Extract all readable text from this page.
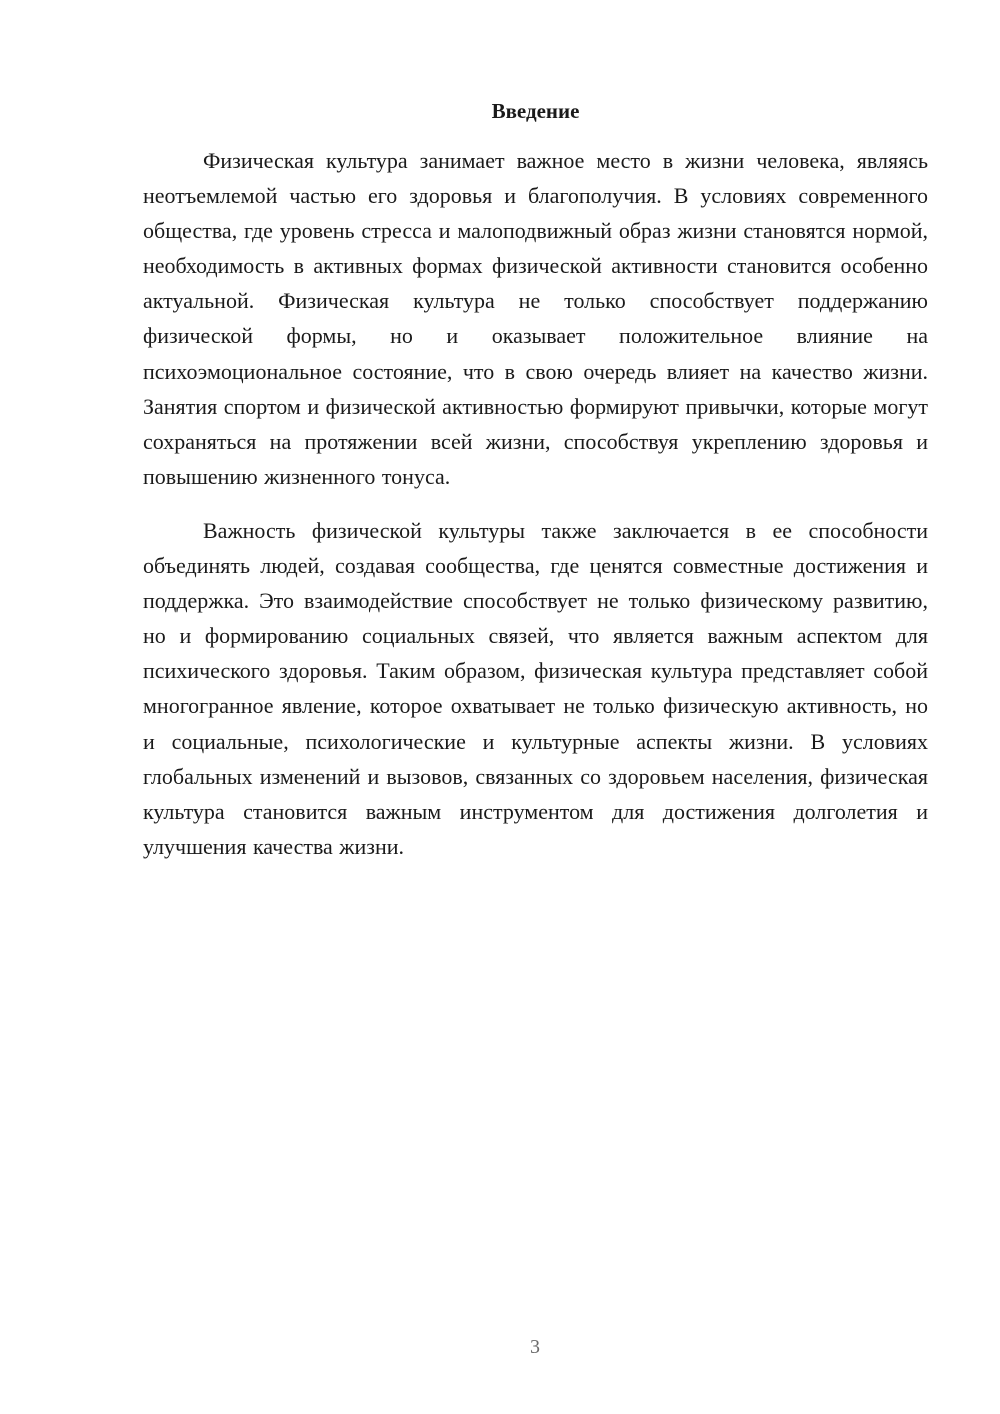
Введение

Физическая культура занимает важное место в жизни человека, являясь неотъемлемой частью его здоровья и благополучия. В условиях современного общества, где уровень стресса и малоподвижный образ жизни становятся нормой, необходимость в активных формах физической активности становится особенно актуальной. Физическая культура не только способствует поддержанию физической формы, но и оказывает положительное влияние на психоэмоциональное состояние, что в свою очередь влияет на качество жизни. Занятия спортом и физической активностью формируют привычки, которые могут сохраняться на протяжении всей жизни, способствуя укреплению здоровья и повышению жизненного тонуса.

Важность физической культуры также заключается в ее способности объединять людей, создавая сообщества, где ценятся совместные достижения и поддержка. Это взаимодействие способствует не только физическому развитию, но и формированию социальных связей, что является важным аспектом для психического здоровья. Таким образом, физическая культура представляет собой многогранное явление, которое охватывает не только физическую активность, но и социальные, психологические и культурные аспекты жизни. В условиях глобальных изменений и вызовов, связанных со здоровьем населения, физическая культура становится важным инструментом для достижения долголетия и улучшения качества жизни.

3
